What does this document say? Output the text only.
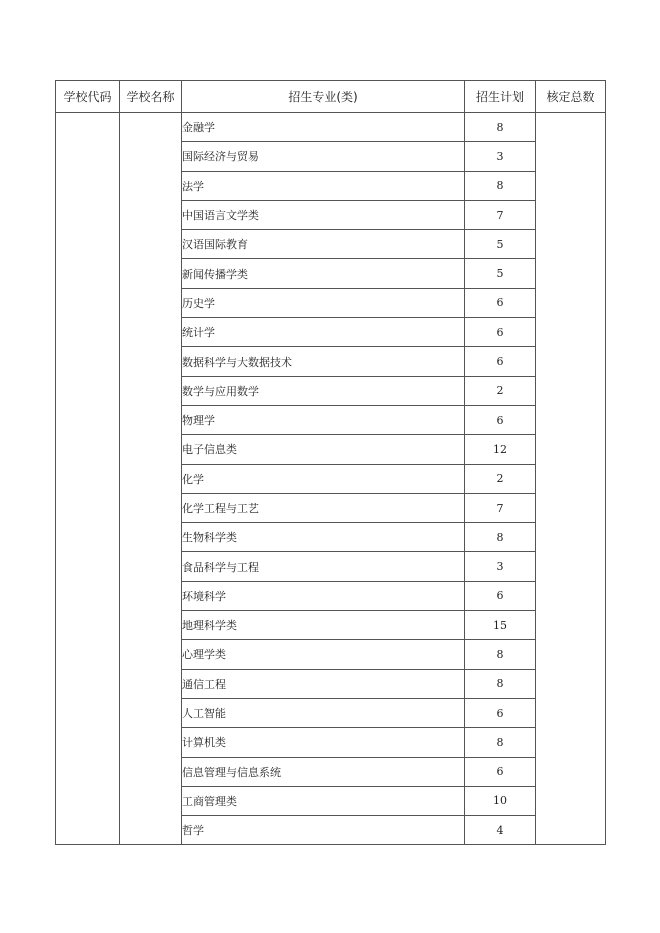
学校代码	学校名称	招生专业(类)	招生计划	核定总数
		金融学	8	
		国际经济与贸易	3	
		法学	8	
		中国语言文学类	7	
		汉语国际教育	5	
		新闻传播学类	5	
		历史学	6	
		统计学	6	
		数据科学与大数据技术	6	
		数学与应用数学	2	
		物理学	6	
		电子信息类	12	
		化学	2	
		化学工程与工艺	7	
		生物科学类	8	
		食品科学与工程	3	
		环境科学	6	
		地理科学类	15	
		心理学类	8	
		通信工程	8	
		人工智能	6	
		计算机类	8	
		信息管理与信息系统	6	
		工商管理类	10	
		哲学	4	
